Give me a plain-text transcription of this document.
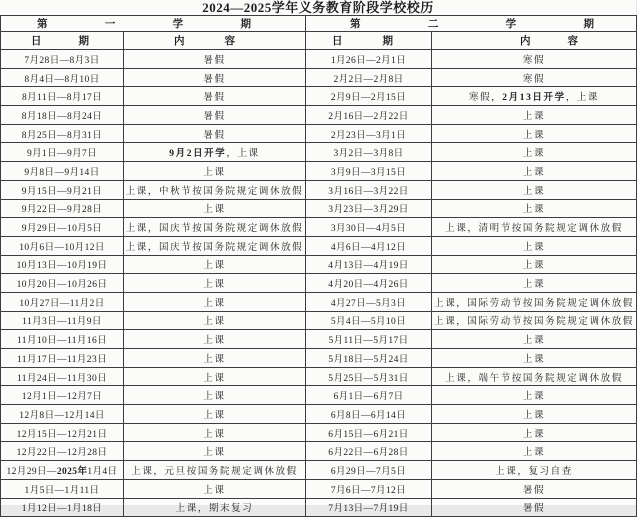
2024—2025学年义务教育阶段学校校历
第 一 学 期		第 二 学 期	

日 期	内 容	日 期	内 容

7月28日—8月3日	暑假	1月26日—2月1日	寒假
8月4日—8月10日	暑假	2月2日—2月8日	寒假
8月11日—8月17日	暑假	2月9日—2月15日	寒假，2月13日开学，上课
8月18日—8月24日	暑假	2月16日—2月22日	上课
8月25日—8月31日	暑假	2月23日—3月1日	上课
9月1日—9月7日	9月2日开学，上课	3月2日—3月8日	上课
9月8日—9月14日	上课	3月9日—3月15日	上课
9月15日—9月21日	上课，中秋节按国务院规定调休放假	3月16日—3月22日	上课
9月22日—9月28日	上课	3月23日—3月29日	上课
9月29日—10月5日	上课，国庆节按国务院规定调休放假	3月30日—4月5日	上课，清明节按国务院规定调休放假
10月6日—10月12日	上课，国庆节按国务院规定调休放假	4月6日—4月12日	上课
10月13日—10月19日	上课	4月13日—4月19日	上课
10月20日—10月26日	上课	4月20日—4月26日	上课
10月27日—11月2日	上课	4月27日—5月3日	上课，国际劳动节按国务院规定调休放假
11月3日—11月9日	上课	5月4日—5月10日	上课，国际劳动节按国务院规定调休放假
11月10日—11月16日	上课	5月11日—5月17日	上课
11月17日—11月23日	上课	5月18日—5月24日	上课
11月24日—11月30日	上课	5月25日—5月31日	上课，端午节按国务院规定调休放假
12月1日—12月7日	上课	6月1日—6月7日	上课
12月8日—12月14日	上课	6月8日—6月14日	上课
12月15日—12月21日	上课	6月15日—6月21日	上课
12月22日—12月28日	上课	6月22日—6月28日	上课
12月29日—2025年1月4日	上课，元旦按国务院规定调休放假	6月29日—7月5日	上课，复习自查
1月5日—1月11日	上课	7月6日—7月12日	暑假
1月12日—1月18日	上课，期末复习	7月13日—7月19日	暑假
